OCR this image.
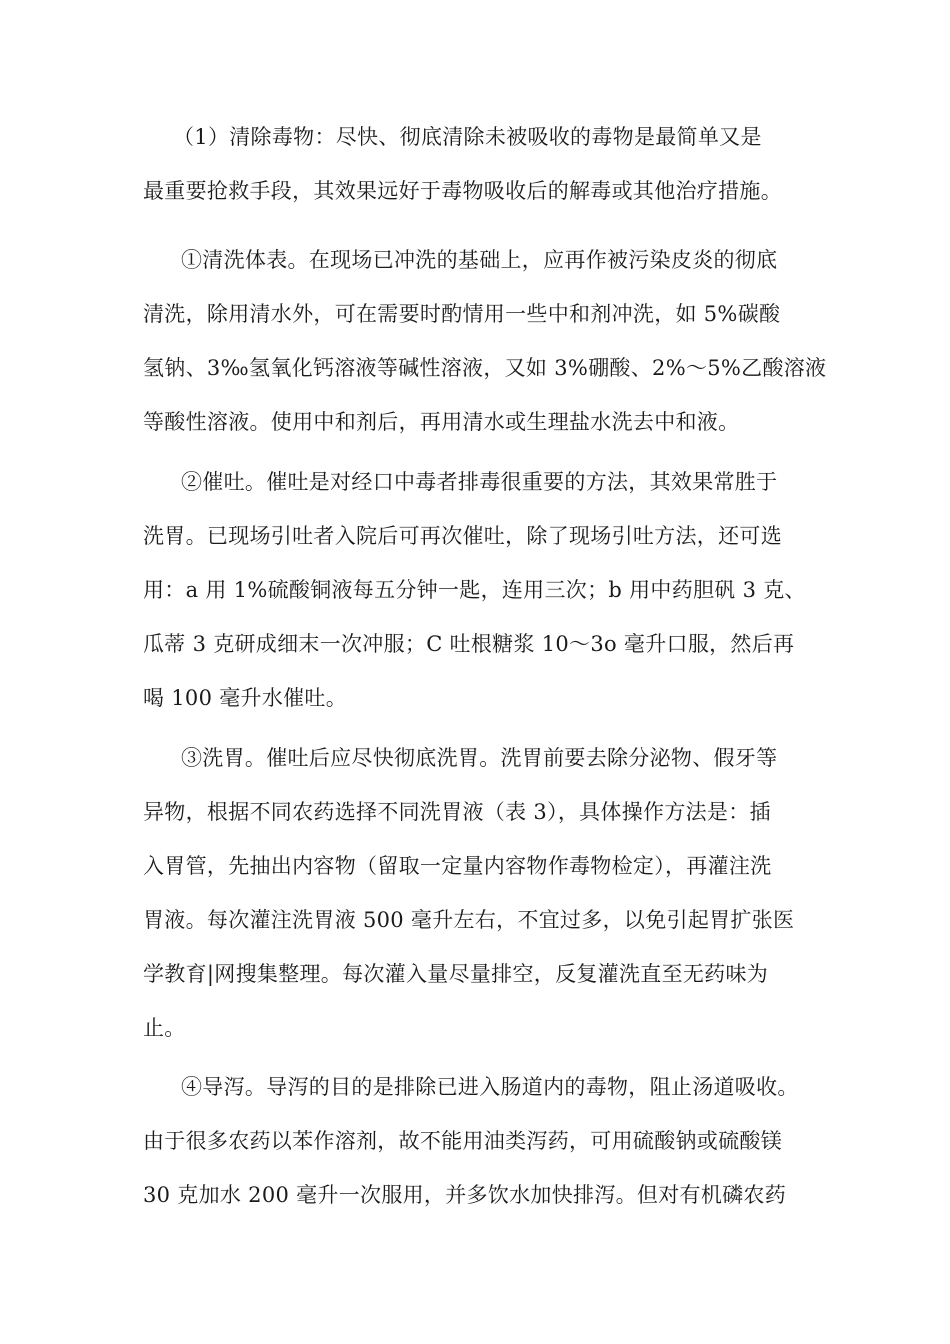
（1）清除毒物：尽快、彻底清除未被吸收的毒物是最简单又是
最重要抢救手段，其效果远好于毒物吸收后的解毒或其他治疗措施。
①清洗体表。在现场已冲洗的基础上，应再作被污染皮炎的彻底
清洗，除用清水外，可在需要时酌情用一些中和剂冲洗，如 5%碳酸
氢钠、3‰氢氧化钙溶液等碱性溶液，又如 3%硼酸、2%～5%乙酸溶液
等酸性溶液。使用中和剂后，再用清水或生理盐水洗去中和液。
②催吐。催吐是对经口中毒者排毒很重要的方法，其效果常胜于
洗胃。已现场引吐者入院后可再次催吐，除了现场引吐方法，还可选
用：a 用 1%硫酸铜液每五分钟一匙，连用三次；b 用中药胆矾 3 克、
瓜蒂 3 克研成细末一次冲服；C 吐根糖浆 10～3o 毫升口服，然后再
喝 100 毫升水催吐。
③洗胃。催吐后应尽快彻底洗胃。洗胃前要去除分泌物、假牙等
异物，根据不同农药选择不同洗胃液（表 3），具体操作方法是：插
入胃管，先抽出内容物（留取一定量内容物作毒物检定），再灌注洗
胃液。每次灌注洗胃液 500 毫升左右，不宜过多，以免引起胃扩张医
学教育|网搜集整理。每次灌入量尽量排空，反复灌洗直至无药味为
止。
④导泻。导泻的目的是排除已进入肠道内的毒物，阻止汤道吸收。
由于很多农药以苯作溶剂，故不能用油类泻药，可用硫酸钠或硫酸镁
30 克加水 200 毫升一次服用，并多饮水加快排泻。但对有机磷农药
